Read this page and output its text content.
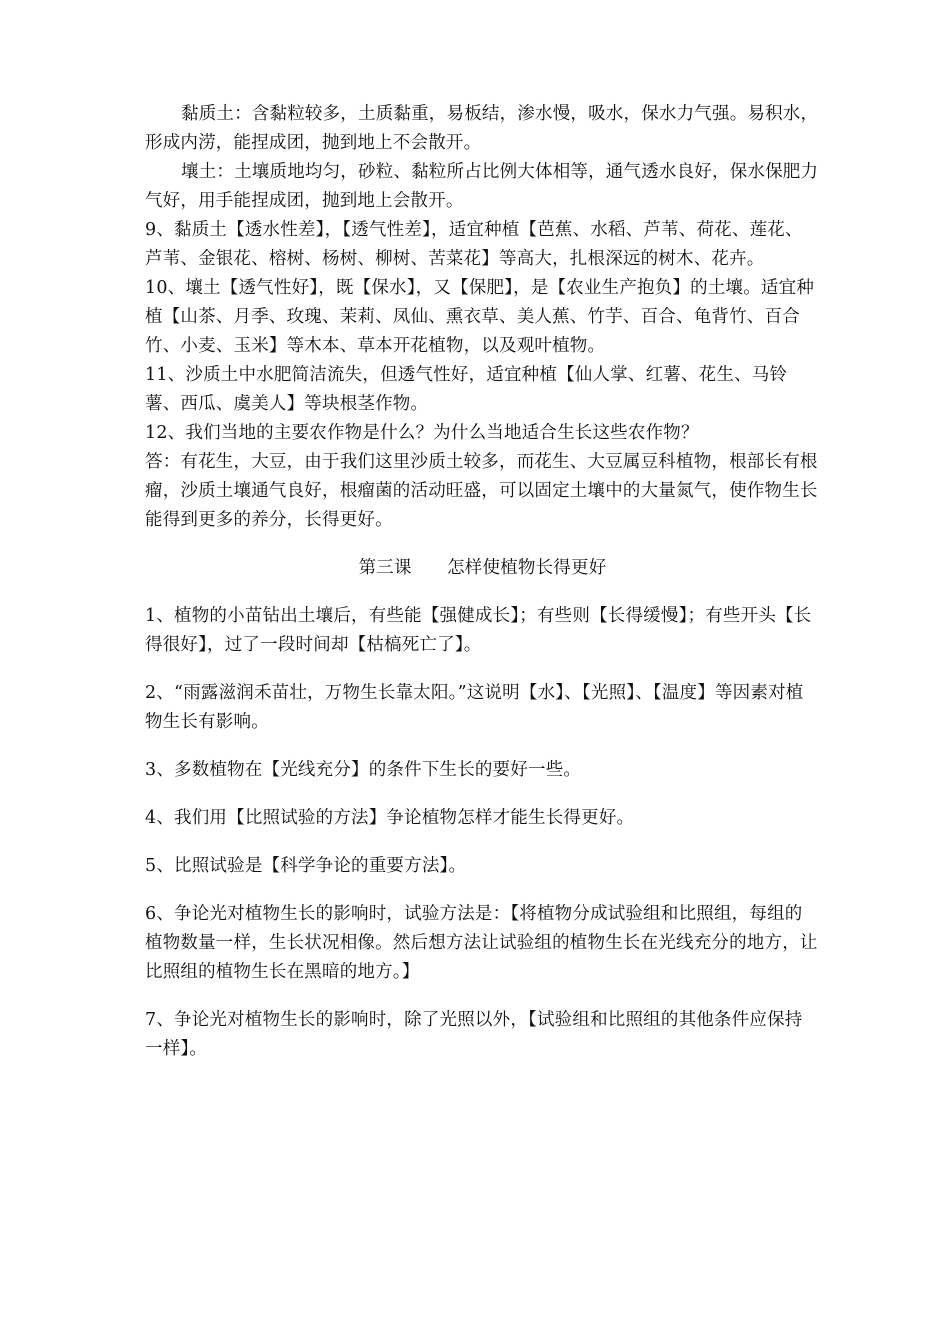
黏质土：含黏粒较多，土质黏重，易板结，渗水慢，吸水，保水力气强。易积水，形成内涝，能捏成团，抛到地上不会散开。

壤土：土壤质地均匀，砂粒、黏粒所占比例大体相等，通气透水良好，保水保肥力气好，用手能捏成团，抛到地上会散开。

9、黏质土【透水性差】，【透气性差】，适宜种植【芭蕉、水稻、芦苇、荷花、莲花、芦苇、金银花、榕树、杨树、柳树、苦菜花】等高大，扎根深远的树木、花卉。

10、壤土【透气性好】，既【保水】，又【保肥】，是【农业生产抱负】的土壤。适宜种植【山茶、月季、玫瑰、茉莉、凤仙、熏衣草、美人蕉、竹芋、百合、龟背竹、百合竹、小麦、玉米】等木本、草本开花植物，以及观叶植物。

11、沙质土中水肥简洁流失，但透气性好，适宜种植【仙人掌、红薯、花生、马铃薯、西瓜、虞美人】等块根茎作物。

12、我们当地的主要农作物是什么？为什么当地适合生长这些农作物？

答：有花生，大豆，由于我们这里沙质土较多，而花生、大豆属豆科植物，根部长有根瘤，沙质土壤通气良好，根瘤菌的活动旺盛，可以固定土壤中的大量氮气，使作物生长能得到更多的养分，长得更好。

第三课　　怎样使植物长得更好

1、植物的小苗钻出土壤后，有些能【强健成长】；有些则【长得缓慢】；有些开头【长得很好】，过了一段时间却【枯槁死亡了】。

2、“雨露滋润禾苗壮，万物生长靠太阳。”这说明【水】、【光照】、【温度】等因素对植物生长有影响。

3、多数植物在【光线充分】的条件下生长的要好一些。

4、我们用【比照试验的方法】争论植物怎样才能生长得更好。

5、比照试验是【科学争论的重要方法】。

6、争论光对植物生长的影响时，试验方法是：【将植物分成试验组和比照组，每组的植物数量一样，生长状况相像。然后想方法让试验组的植物生长在光线充分的地方，让比照组的植物生长在黑暗的地方。】

7、争论光对植物生长的影响时，除了光照以外，【试验组和比照组的其他条件应保持一样】。
